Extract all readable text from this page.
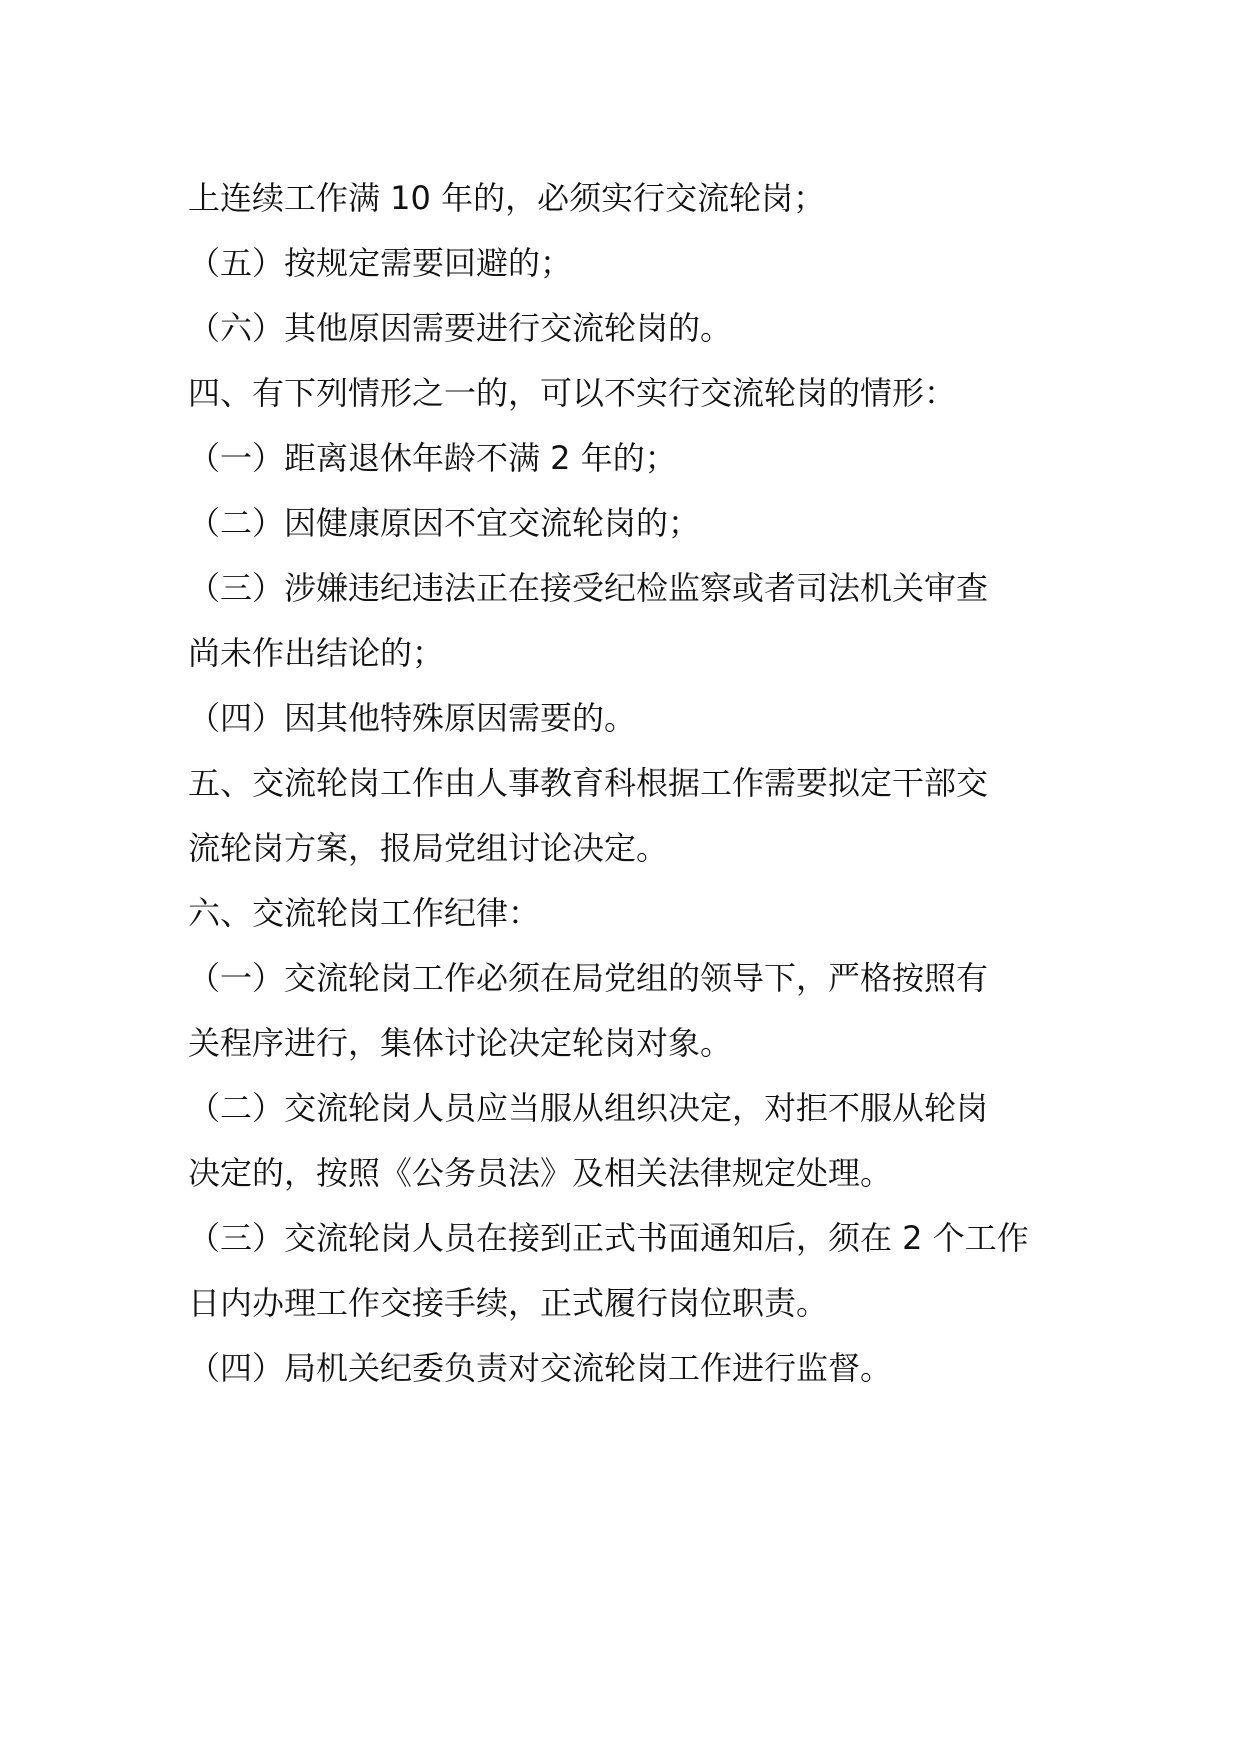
上连续工作满 10 年的，必须实行交流轮岗；
（五）按规定需要回避的；
（六）其他原因需要进行交流轮岗的。
四、有下列情形之一的，可以不实行交流轮岗的情形：
（一）距离退休年龄不满 2 年的；
（二）因健康原因不宜交流轮岗的；
（三）涉嫌违纪违法正在接受纪检监察或者司法机关审查
尚未作出结论的；
（四）因其他特殊原因需要的。
五、交流轮岗工作由人事教育科根据工作需要拟定干部交
流轮岗方案，报局党组讨论决定。
六、交流轮岗工作纪律：
（一）交流轮岗工作必须在局党组的领导下，严格按照有
关程序进行，集体讨论决定轮岗对象。
（二）交流轮岗人员应当服从组织决定，对拒不服从轮岗
决定的，按照《公务员法》及相关法律规定处理。
（三）交流轮岗人员在接到正式书面通知后，须在 2 个工作
日内办理工作交接手续，正式履行岗位职责。
（四）局机关纪委负责对交流轮岗工作进行监督。
